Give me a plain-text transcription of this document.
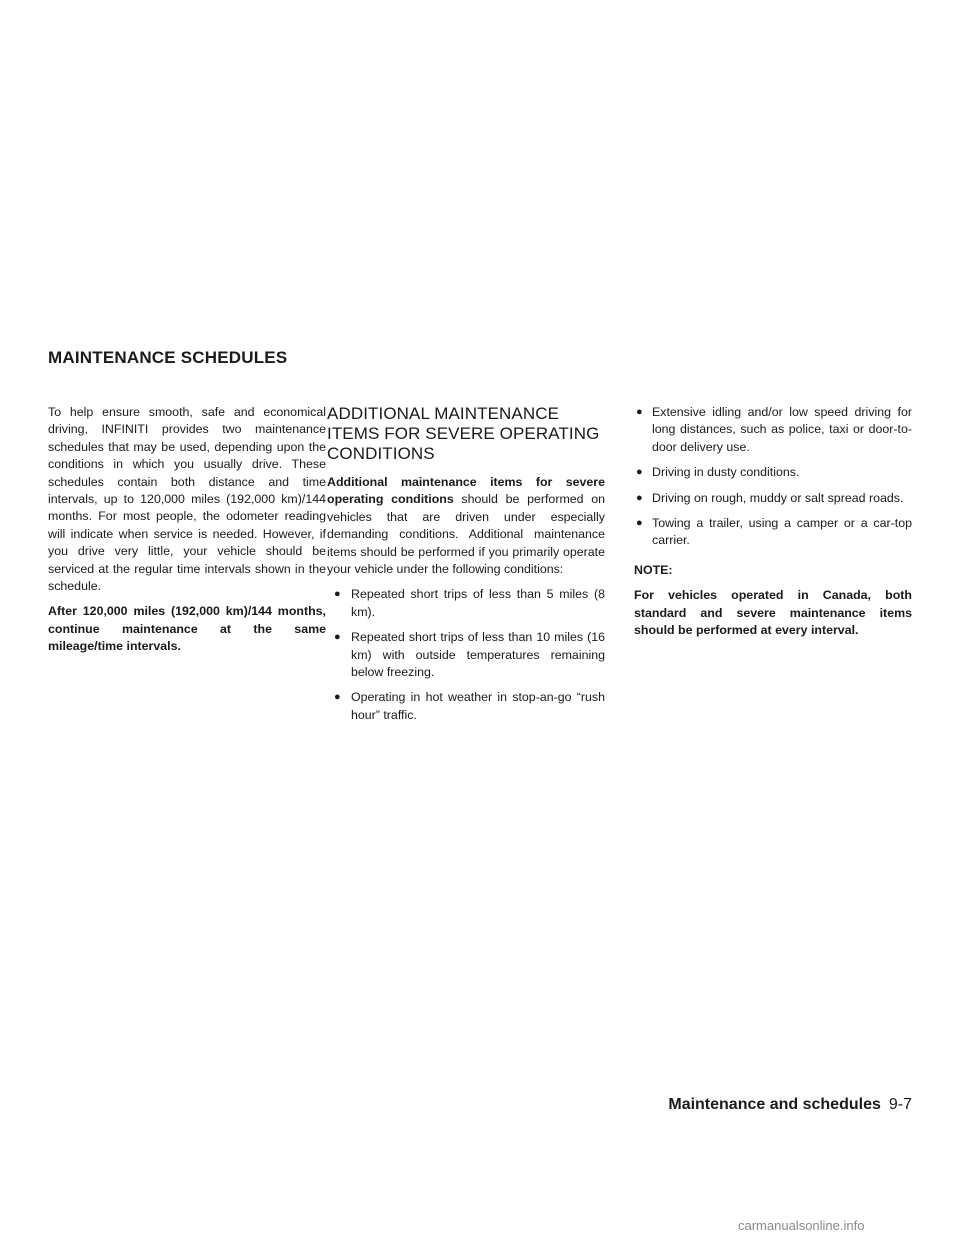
MAINTENANCE SCHEDULES

To help ensure smooth, safe and economical driving, INFINITI provides two maintenance schedules that may be used, depending upon the conditions in which you usually drive. These schedules contain both distance and time intervals, up to 120,000 miles (192,000 km)/144 months. For most people, the odometer reading will indicate when service is needed. However, if you drive very little, your vehicle should be serviced at the regular time intervals shown in the schedule.

After 120,000 miles (192,000 km)/144 months, continue maintenance at the same mileage/time intervals.

ADDITIONAL MAINTENANCE ITEMS FOR SEVERE OPERATING CONDITIONS

Additional maintenance items for severe operating conditions should be performed on vehicles that are driven under especially demanding conditions. Additional maintenance items should be performed if you primarily operate your vehicle under the following conditions:

● Repeated short trips of less than 5 miles (8 km).
● Repeated short trips of less than 10 miles (16 km) with outside temperatures remaining below freezing.
● Operating in hot weather in stop-an-go “rush hour” traffic.
● Extensive idling and/or low speed driving for long distances, such as police, taxi or door-to-door delivery use.
● Driving in dusty conditions.
● Driving on rough, muddy or salt spread roads.
● Towing a trailer, using a camper or a car-top carrier.

NOTE:

For vehicles operated in Canada, both standard and severe maintenance items should be performed at every interval.

Maintenance and schedules 9-7
carmanualsonline.info
